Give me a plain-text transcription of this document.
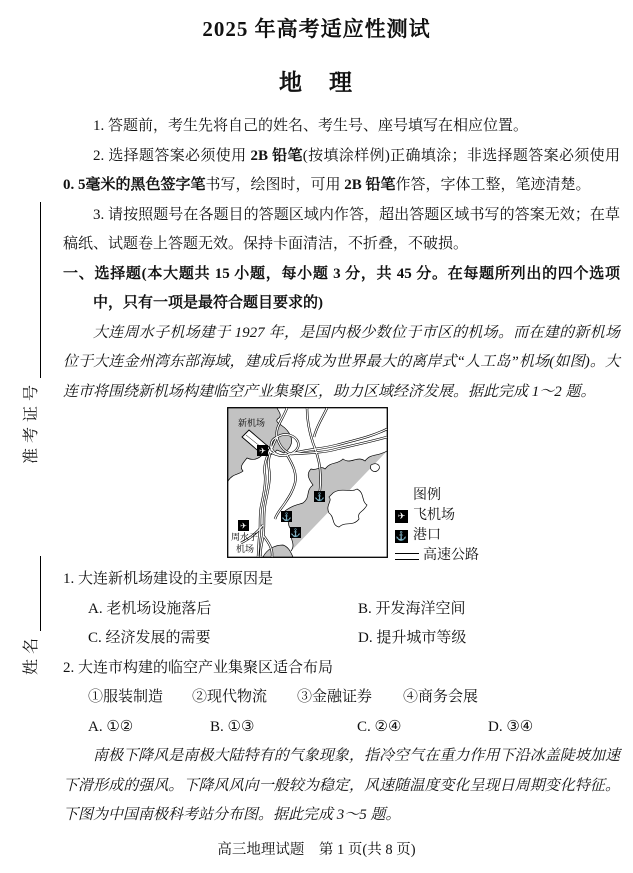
准考证号
姓名
2025 年高考适应性测试
地　理

1. 答题前，考生先将自己的姓名、考生号、座号填写在相应位置。

2. 选择题答案必须使用 2B 铅笔(按填涂样例)正确填涂；非选择题答案必须使用 0. 5毫米的黑色签字笔书写，绘图时，可用 2B 铅笔作答，字体工整，笔迹清楚。

3. 请按照题号在各题目的答题区域内作答，超出答题区域书写的答案无效；在草稿纸、试题卷上答题无效。保持卡面清洁，不折叠，不破损。

一、选择题(本大题共 15 小题，每小题 3 分，共 45 分。在每题所列出的四个选项中，只有一项是最符合题目要求的)

大连周水子机场建于 1927 年，是国内极少数位于市区的机场。而在建的新机场位于大连金州湾东部海域，建成后将成为世界最大的离岸式“人工岛”机场(如图)。大连市将围绕新机场构建临空产业集聚区，助力区域经济发展。据此完成 1～2 题。

✈
✈
⚓
⚓
⚓
新机场
周水子
机场
图例
✈ 飞机场
⚓ 港口
高速公路

1. 大连新机场建设的主要原因是

A. 老机场设施落后	B. 开发海洋空间
C. 经济发展的需要	D. 提升城市等级

2. 大连市构建的临空产业集聚区适合布局

①服装制造	②现代物流	③金融证券	④商务会展
A. ①②	B. ①③	C. ②④	D. ③④

南极下降风是南极大陆特有的气象现象，指冷空气在重力作用下沿冰盖陡坡加速下滑形成的强风。下降风风向一般较为稳定，风速随温度变化呈现日周期变化特征。下图为中国南极科考站分布图。据此完成 3～5 题。

高三地理试题　第 1 页(共 8 页)
